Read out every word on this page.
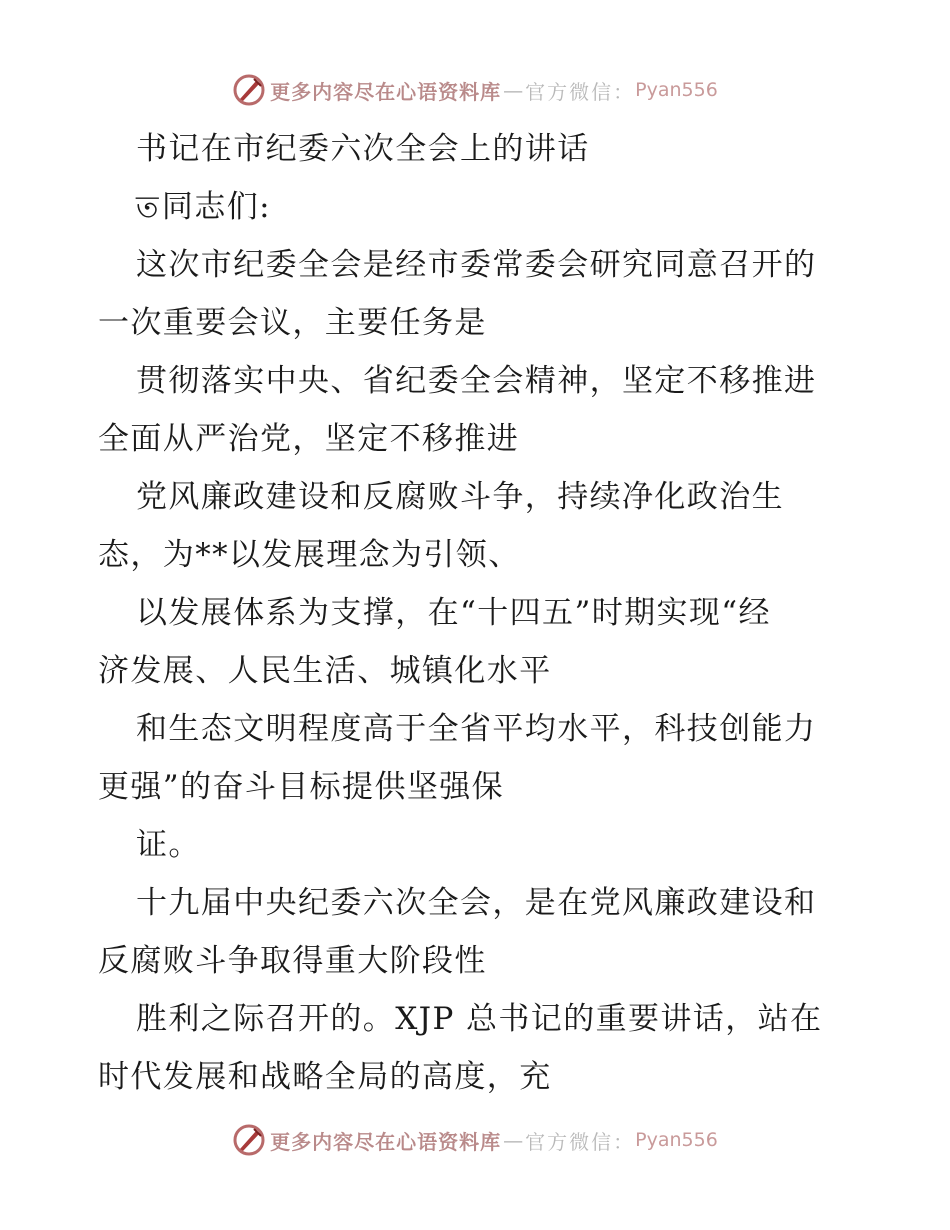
更多内容尽在心语资料库 — 官方微信： Pyan556
书记在市纪委六次全会上的讲话
ত同志们:
这次市纪委全会是经市委常委会研究同意召开的
一次重要会议，主要任务是
贯彻落实中央、省纪委全会精神，坚定不移推进
全面从严治党，坚定不移推进
党风廉政建设和反腐败斗争，持续净化政治生
态，为**以发展理念为引领、
以发展体系为支撑，在“十四五”时期实现“经
济发展、人民生活、城镇化水平
和生态文明程度高于全省平均水平，科技创能力
更强”的奋斗目标提供坚强保
证。
十九届中央纪委六次全会，是在党风廉政建设和
反腐败斗争取得重大阶段性
胜利之际召开的。XJP 总书记的重要讲话，站在
时代发展和战略全局的高度，充
更多内容尽在心语资料库 — 官方微信： Pyan556
